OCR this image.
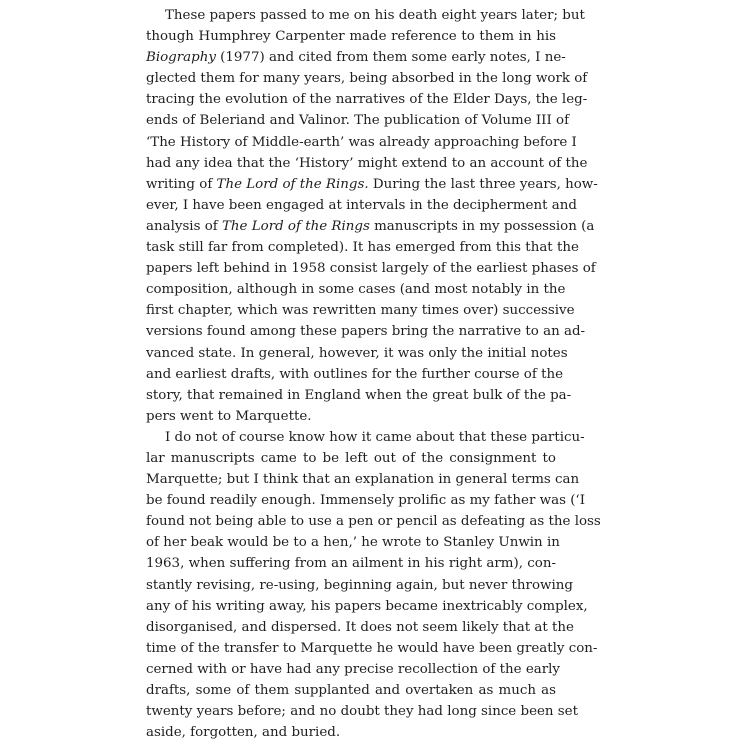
These papers passed to me on his death eight years later; but
though Humphrey Carpenter made reference to them in his
Biography (1977) and cited from them some early notes, I ne-
glected them for many years, being absorbed in the long work of
tracing the evolution of the narratives of the Elder Days, the leg-
ends of Beleriand and Valinor. The publication of Volume III of
‘The History of Middle-earth’ was already approaching before I
had any idea that the ‘History’ might extend to an account of the
writing of The Lord of the Rings. During the last three years, how-
ever, I have been engaged at intervals in the decipherment and
analysis of The Lord of the Rings manuscripts in my possession (a
task still far from completed). It has emerged from this that the
papers left behind in 1958 consist largely of the earliest phases of
composition, although in some cases (and most notably in the
first chapter, which was rewritten many times over) successive
versions found among these papers bring the narrative to an ad-
vanced state. In general, however, it was only the initial notes
and earliest drafts, with outlines for the further course of the
story, that remained in England when the great bulk of the pa-
pers went to Marquette.
I do not of course know how it came about that these particu-
lar manuscripts came to be left out of the consignment to
Marquette; but I think that an explanation in general terms can
be found readily enough. Immensely prolific as my father was (‘I
found not being able to use a pen or pencil as defeating as the loss
of her beak would be to a hen,’ he wrote to Stanley Unwin in
1963, when suffering from an ailment in his right arm), con-
stantly revising, re-using, beginning again, but never throwing
any of his writing away, his papers became inextricably complex,
disorganised, and dispersed. It does not seem likely that at the
time of the transfer to Marquette he would have been greatly con-
cerned with or have had any precise recollection of the early
drafts, some of them supplanted and overtaken as much as
twenty years before; and no doubt they had long since been set
aside, forgotten, and buried.
